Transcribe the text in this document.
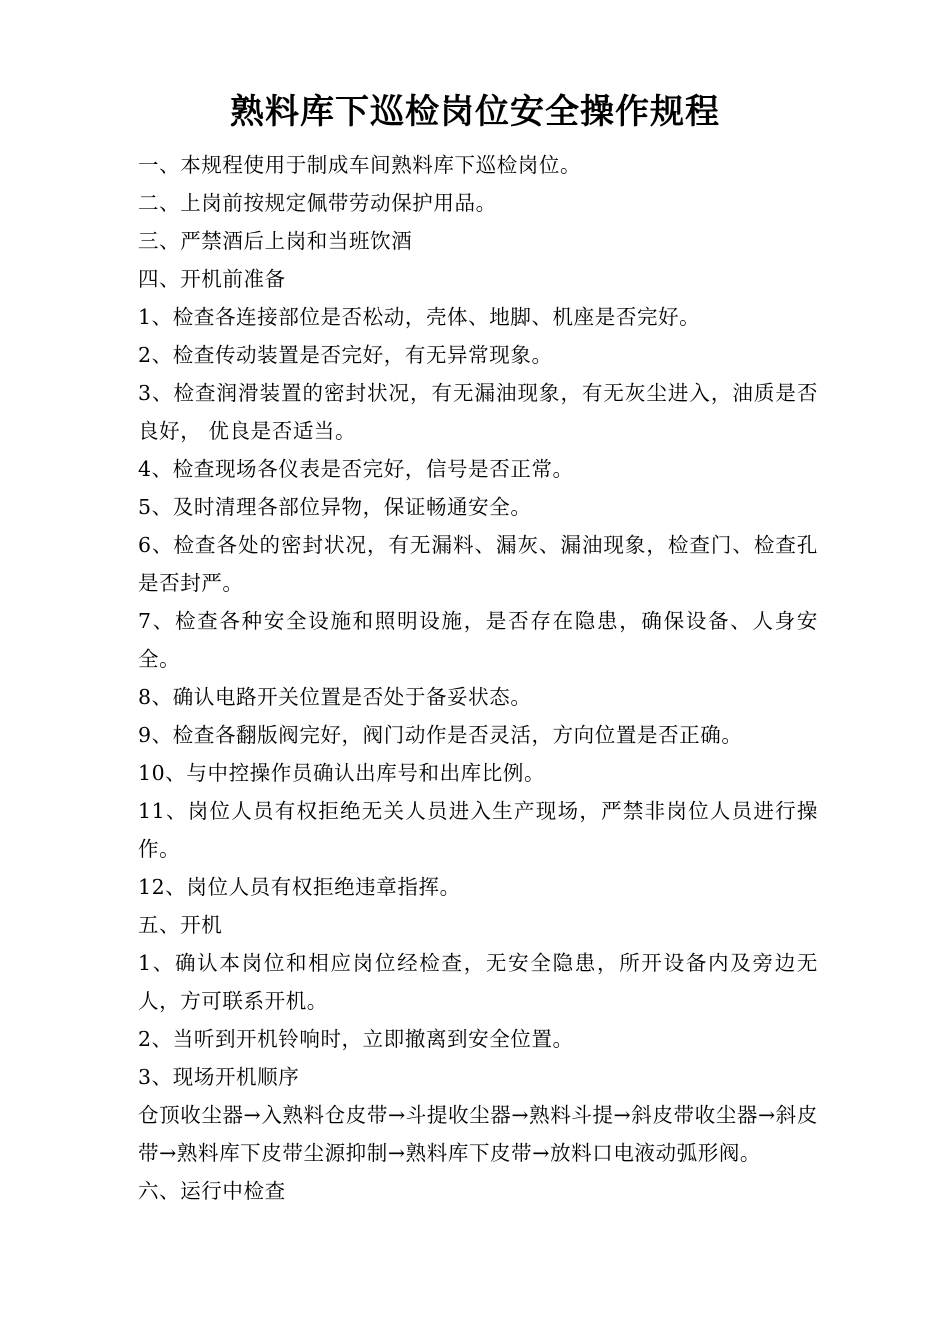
熟料库下巡检岗位安全操作规程

一、本规程使用于制成车间熟料库下巡检岗位。

二、上岗前按规定佩带劳动保护用品。

三、严禁酒后上岗和当班饮酒

四、开机前准备

1、检查各连接部位是否松动，壳体、地脚、机座是否完好。

2、检查传动装置是否完好，有无异常现象。

3、检查润滑装置的密封状况，有无漏油现象，有无灰尘进入，油质是否良好， 优良是否适当。

4、检查现场各仪表是否完好，信号是否正常。

5、及时清理各部位异物，保证畅通安全。

6、检查各处的密封状况，有无漏料、漏灰、漏油现象，检查门、检查孔是否封严。

7、检查各种安全设施和照明设施，是否存在隐患，确保设备、人身安全。

8、确认电路开关位置是否处于备妥状态。

9、检查各翻版阀完好，阀门动作是否灵活，方向位置是否正确。

10、与中控操作员确认出库号和出库比例。

11、岗位人员有权拒绝无关人员进入生产现场，严禁非岗位人员进行操作。

12、岗位人员有权拒绝违章指挥。

五、开机

1、确认本岗位和相应岗位经检查，无安全隐患，所开设备内及旁边无人，方可联系开机。

2、当听到开机铃响时，立即撤离到安全位置。

3、现场开机顺序

仓顶收尘器→入熟料仓皮带→斗提收尘器→熟料斗提→斜皮带收尘器→斜皮带→熟料库下皮带尘源抑制→熟料库下皮带→放料口电液动弧形阀。

六、运行中检查
